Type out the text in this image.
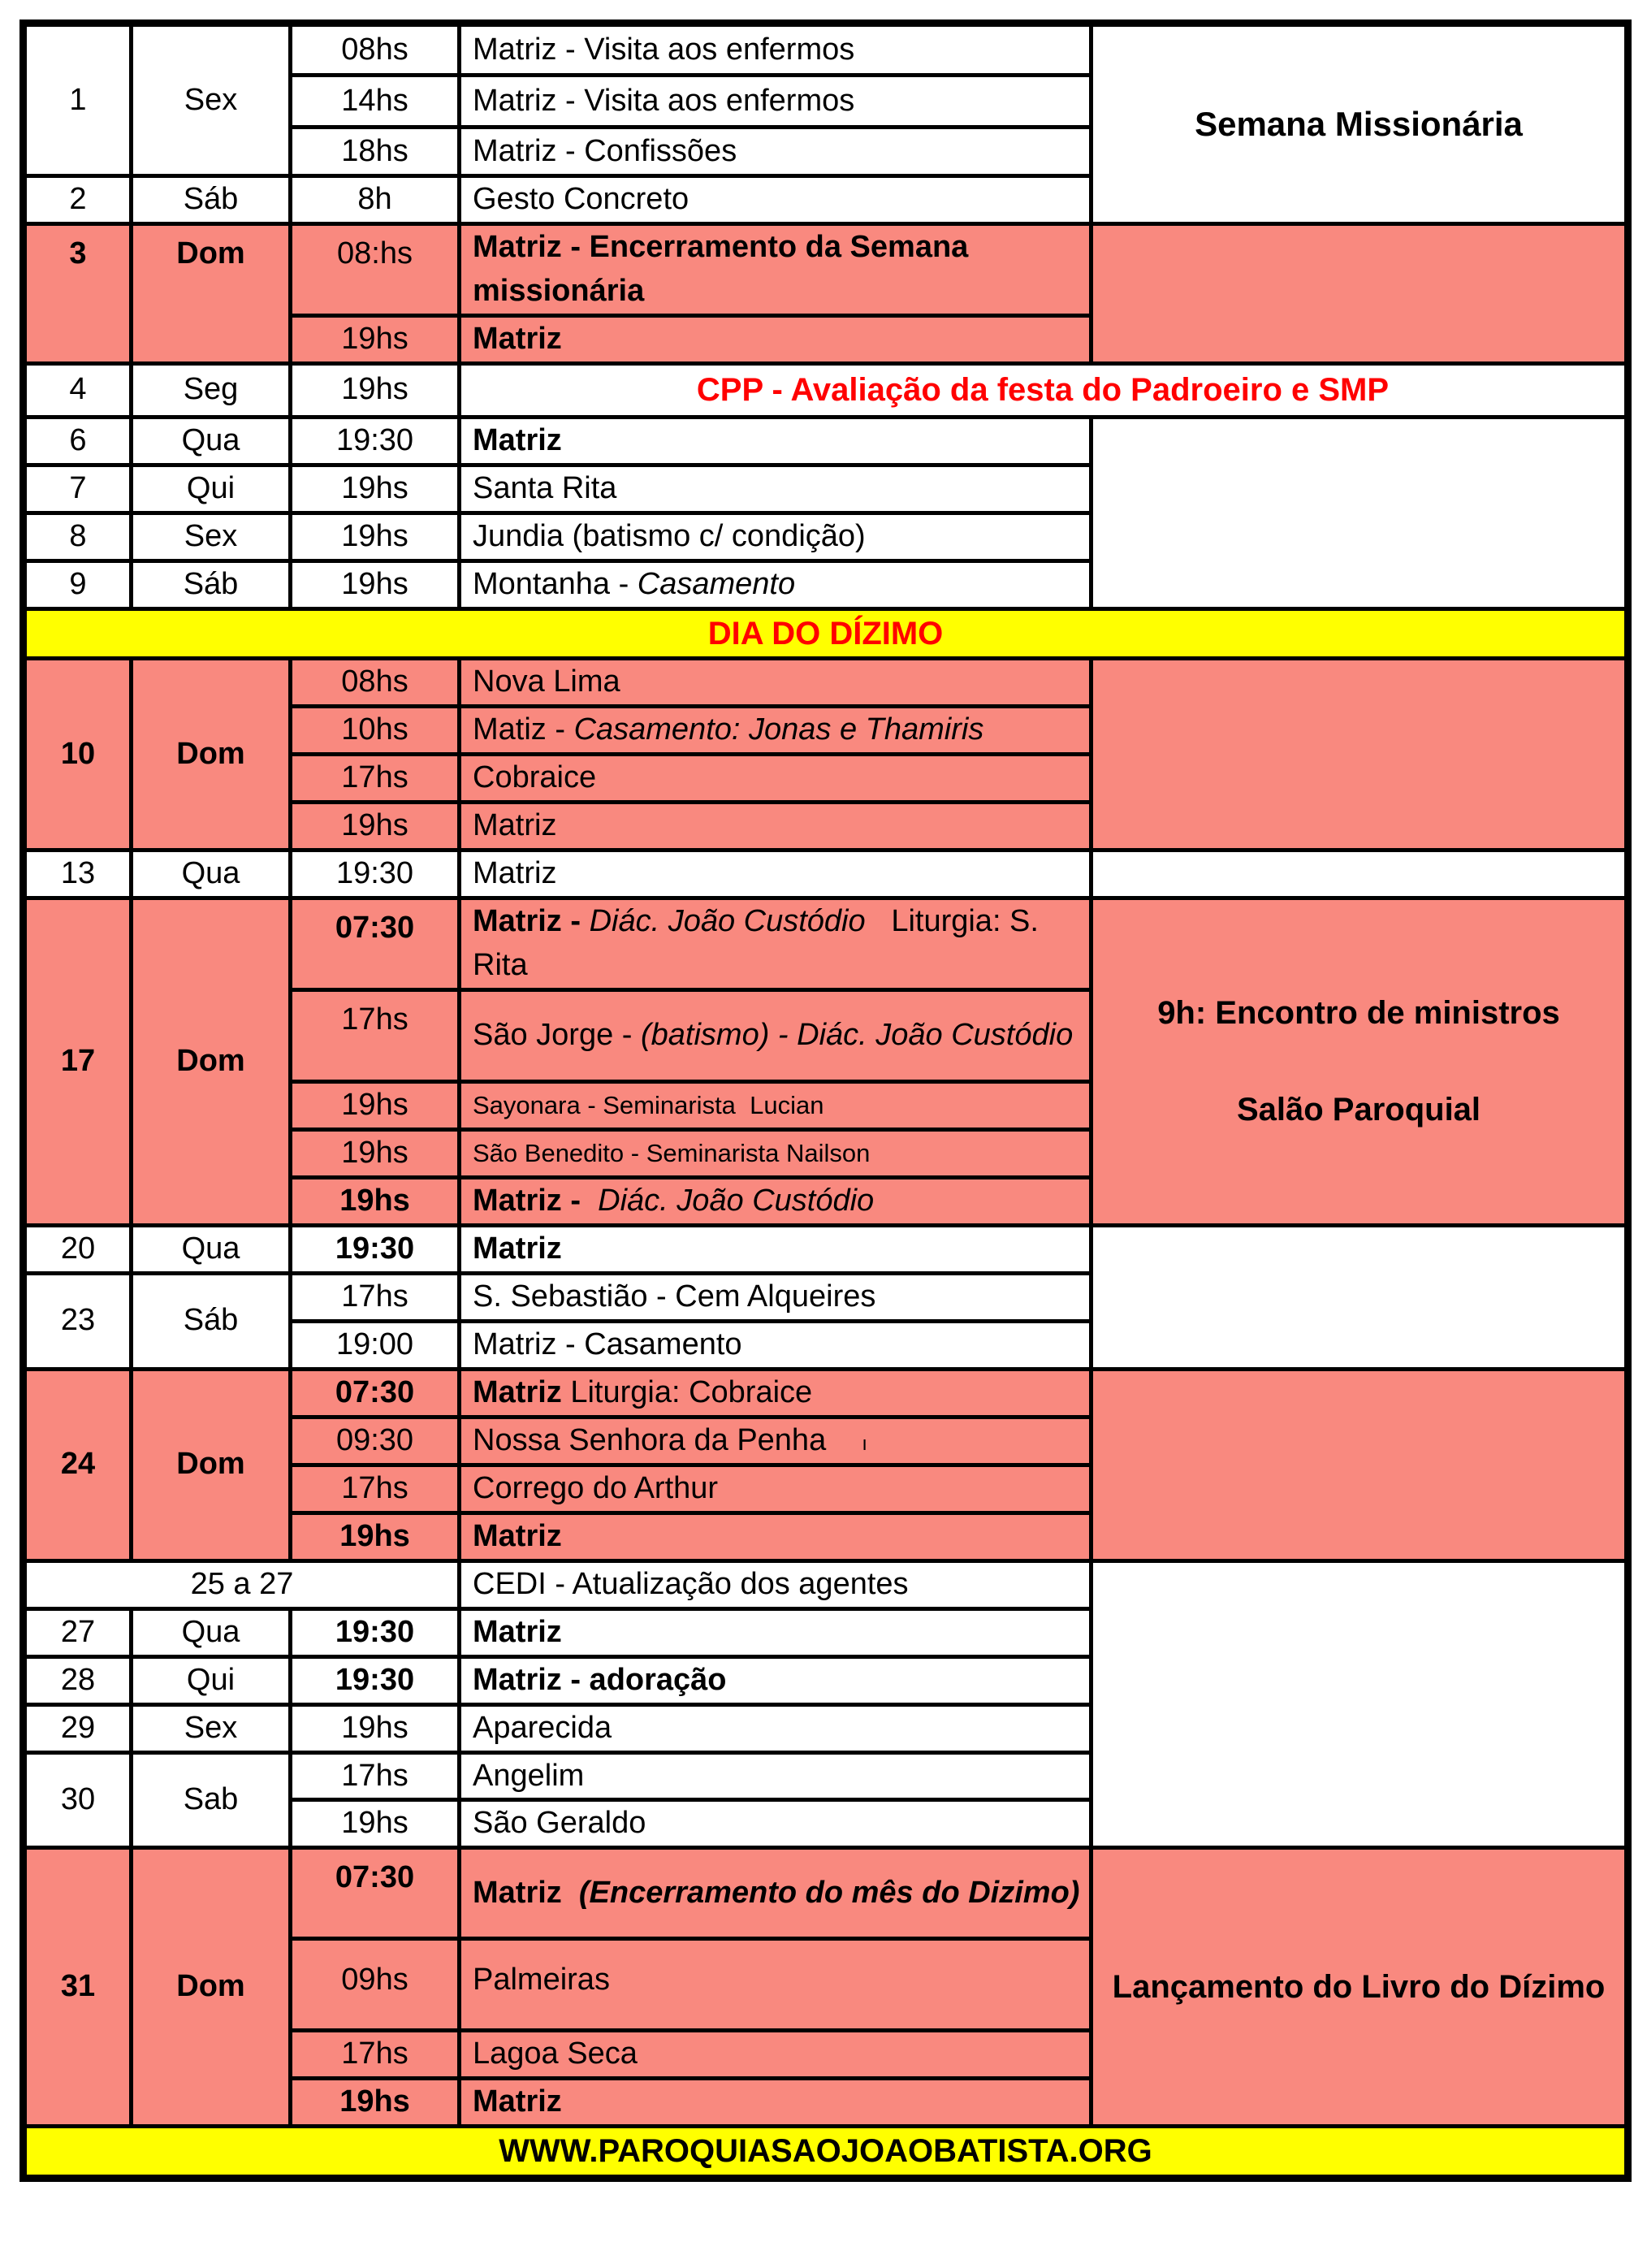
1	Sex	08hs	Matriz - Visita aos enfermos	Semana Missionária
		14hs	Matriz - Visita aos enfermos	
		18hs	Matriz - Confissões	
2	Sáb	8h	Gesto Concreto	
3	Dom	08:hs	Matriz - Encerramento da Semana missionária	
		19hs	Matriz	
4	Seg	19hs	CPP - Avaliação da festa do Padroeiro e SMP	
6	Qua	19:30	Matriz	
7	Qui	19hs	Santa Rita	
8	Sex	19hs	Jundia (batismo c/ condição)	
9	Sáb	19hs	Montanha - Casamento	
DIA DO DÍZIMO				
10	Dom	08hs	Nova Lima	
		10hs	Matiz - Casamento: Jonas e Thamiris	
		17hs	Cobraice	
		19hs	Matriz	
13	Qua	19:30	Matriz	
17	Dom	07:30	Matriz - Diác. João Custódio   Liturgia: S. Rita	9h: Encontro de ministros
Salão Paroquial

		17hs	São Jorge - (batismo) - Diác. João Custódio	
		19hs	Sayonara - Seminarista  Lucian	
		19hs	São Benedito - Seminarista Nailson	
		19hs	Matriz -  Diác. João Custódio	
20	Qua	19:30	Matriz	
23	Sáb	17hs	S. Sebastião - Cem Alqueires	
		19:00	Matriz - Casamento	
24	Dom	07:30	Matriz Liturgia: Cobraice	
		09:30	Nossa Senhora da Penha ı	
		17hs	Corrego do Arthur	
		19hs	Matriz	
25 a 27			CEDI - Atualização dos agentes	
27	Qua	19:30	Matriz	
28	Qui	19:30	Matriz - adoração	
29	Sex	19hs	Aparecida	
30	Sab	17hs	Angelim	
		19hs	São Geraldo	
31	Dom	07:30	Matriz  (Encerramento do mês do Dizimo)	Lançamento do Livro do Dízimo
		09hs	Palmeiras	
		17hs	Lagoa Seca	
		19hs	Matriz	
WWW.PAROQUIASAOJOAOBATISTA.ORG				
